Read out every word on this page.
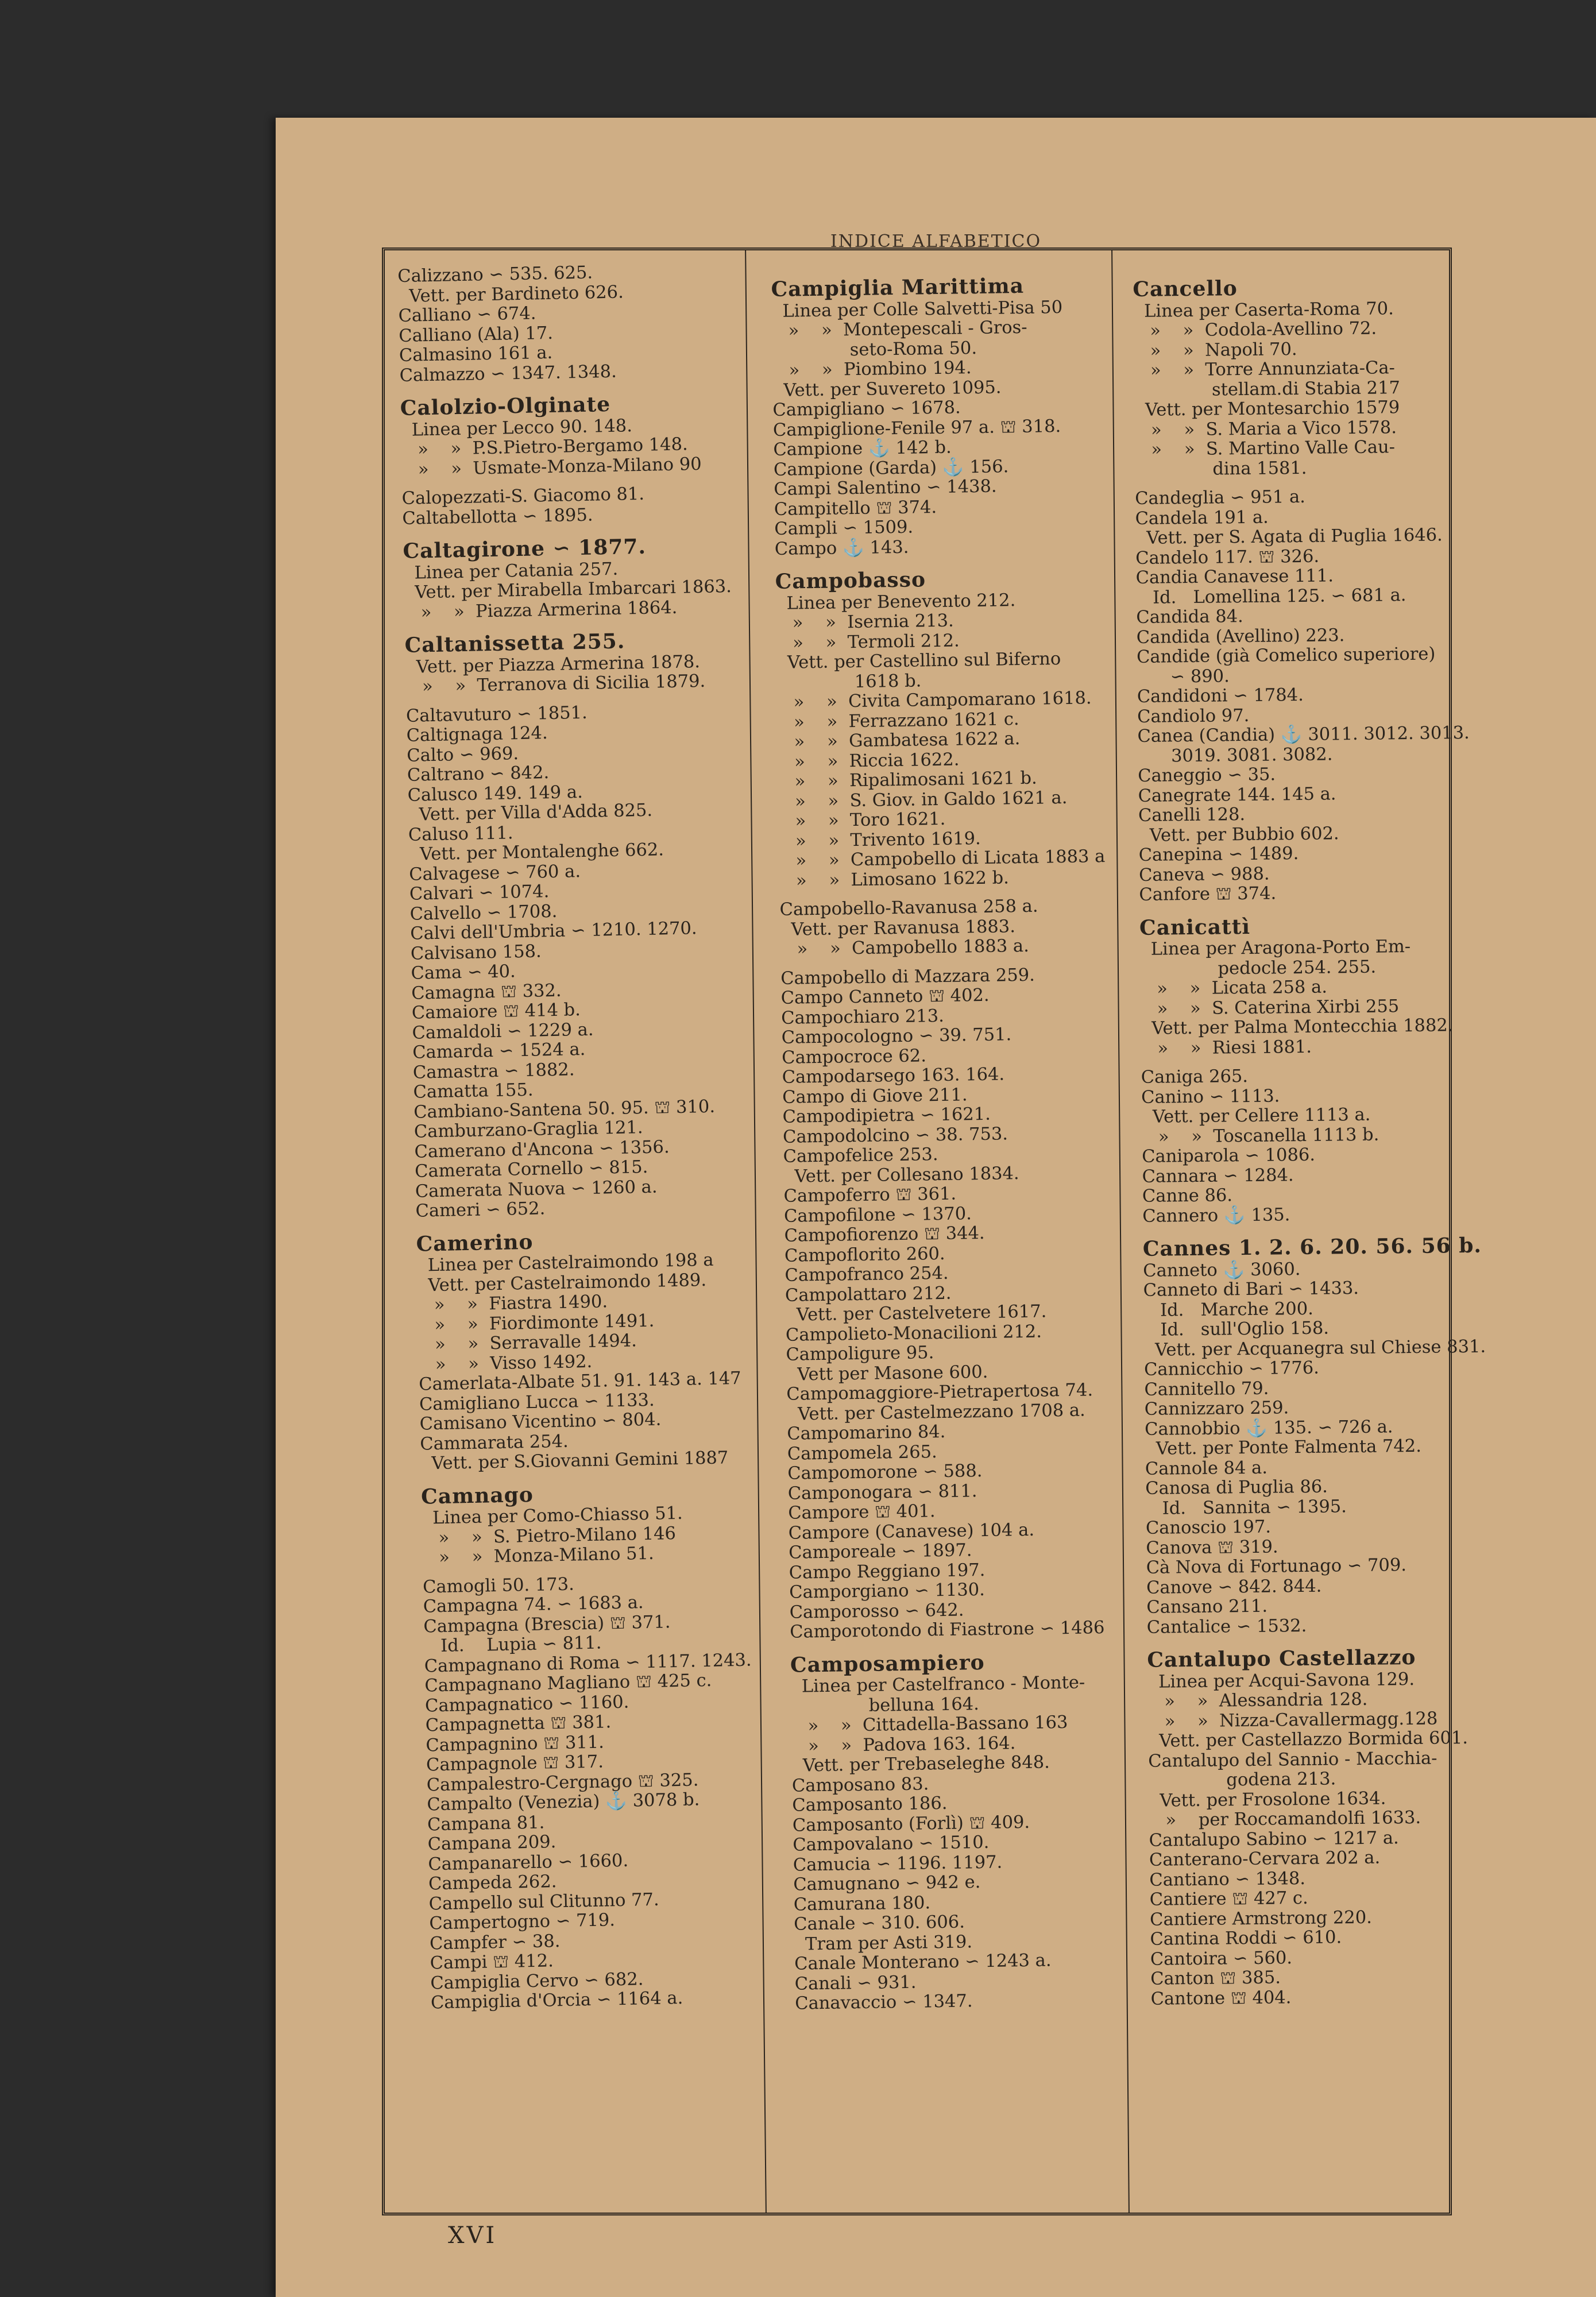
INDICE ALFABETICO
Calizzano ∽ 535. 625.
Vett. per Bardineto 626.
Calliano ∽ 674.
Calliano (Ala) 17.
Calmasino 161 a.
Calmazzo ∽ 1347. 1348.
Calolzio-Olginate
Linea per Lecco 90. 148.
»    »  P.S.Pietro-Bergamo 148.
»    »  Usmate-Monza-Milano 90
Calopezzati-S. Giacomo 81.
Caltabellotta ∽ 1895.
Caltagirone ∽ 1877.
Linea per Catania 257.
Vett. per Mirabella Imbarcari 1863.
»    »  Piazza Armerina 1864.
Caltanissetta 255.
Vett. per Piazza Armerina 1878.
»    »  Terranova di Sicilia 1879.
Caltavuturo ∽ 1851.
Caltignaga 124.
Calto ∽ 969.
Caltrano ∽ 842.
Calusco 149. 149 a.
Vett. per Villa d'Adda 825.
Caluso 111.
Vett. per Montalenghe 662.
Calvagese ∽ 760 a.
Calvari ∽ 1074.
Calvello ∽ 1708.
Calvi dell'Umbria ∽ 1210. 1270.
Calvisano 158.
Cama ∽ 40.
Camagna ⛫ 332.
Camaiore ⛫ 414 b.
Camaldoli ∽ 1229 a.
Camarda ∽ 1524 a.
Camastra ∽ 1882.
Camatta 155.
Cambiano-Santena 50. 95. ⛫ 310.
Camburzano-Graglia 121.
Camerano d'Ancona ∽ 1356.
Camerata Cornello ∽ 815.
Camerata Nuova ∽ 1260 a.
Cameri ∽ 652.
Camerino
Linea per Castelraimondo 198 a
Vett. per Castelraimondo 1489.
»    »  Fiastra 1490.
»    »  Fiordimonte 1491.
»    »  Serravalle 1494.
»    »  Visso 1492.
Camerlata-Albate 51. 91. 143 a. 147
Camigliano Lucca ∽ 1133.
Camisano Vicentino ∽ 804.
Cammarata 254.
Vett. per S.Giovanni Gemini 1887
Camnago
Linea per Como-Chiasso 51.
»    »  S. Pietro-Milano 146
»    »  Monza-Milano 51.
Camogli 50. 173.
Campagna 74. ∽ 1683 a.
Campagna (Brescia) ⛫ 371.
Id.    Lupia ∽ 811.
Campagnano di Roma ∽ 1117. 1243.
Campagnano Magliano ⛫ 425 c.
Campagnatico ∽ 1160.
Campagnetta ⛫ 381.
Campagnino ⛫ 311.
Campagnole ⛫ 317.
Campalestro-Cergnago ⛫ 325.
Campalto (Venezia) ⚓ 3078 b.
Campana 81.
Campana 209.
Campanarello ∽ 1660.
Campeda 262.
Campello sul Clitunno 77.
Campertogno ∽ 719.
Campfer ∽ 38.
Campi ⛫ 412.
Campiglia Cervo ∽ 682.
Campiglia d'Orcia ∽ 1164 a.
Campiglia Marittima
Linea per Colle Salvetti-Pisa 50
»    »  Montepescali - Gros-
seto-Roma 50.
»    »  Piombino 194.
Vett. per Suvereto 1095.
Campigliano ∽ 1678.
Campiglione-Fenile 97 a. ⛫ 318.
Campione ⚓ 142 b.
Campione (Garda) ⚓ 156.
Campi Salentino ∽ 1438.
Campitello ⛫ 374.
Campli ∽ 1509.
Campo ⚓ 143.
Campobasso
Linea per Benevento 212.
»    »  Isernia 213.
»    »  Termoli 212.
Vett. per Castellino sul Biferno
1618 b.
»    »  Civita Campomarano 1618.
»    »  Ferrazzano 1621 c.
»    »  Gambatesa 1622 a.
»    »  Riccia 1622.
»    »  Ripalimosani 1621 b.
»    »  S. Giov. in Galdo 1621 a.
»    »  Toro 1621.
»    »  Trivento 1619.
»    »  Campobello di Licata 1883 a
»    »  Limosano 1622 b.
Campobello-Ravanusa 258 a.
Vett. per Ravanusa 1883.
»    »  Campobello 1883 a.
Campobello di Mazzara 259.
Campo Canneto ⛫ 402.
Campochiaro 213.
Campocologno ∽ 39. 751.
Campocroce 62.
Campodarsego 163. 164.
Campo di Giove 211.
Campodipietra ∽ 1621.
Campodolcino ∽ 38. 753.
Campofelice 253.
Vett. per Collesano 1834.
Campoferro ⛫ 361.
Campofilone ∽ 1370.
Campofiorenzo ⛫ 344.
Campoflorito 260.
Campofranco 254.
Campolattaro 212.
Vett. per Castelvetere 1617.
Campolieto-Monacilioni 212.
Campoligure 95.
Vett per Masone 600.
Campomaggiore-Pietrapertosa 74.
Vett. per Castelmezzano 1708 a.
Campomarino 84.
Campomela 265.
Campomorone ∽ 588.
Camponogara ∽ 811.
Campore ⛫ 401.
Campore (Canavese) 104 a.
Camporeale ∽ 1897.
Campo Reggiano 197.
Camporgiano ∽ 1130.
Camporosso ∽ 642.
Camporotondo di Fiastrone ∽ 1486
Camposampiero
Linea per Castelfranco - Monte-
belluna 164.
»    »  Cittadella-Bassano 163
»    »  Padova 163. 164.
Vett. per Trebaseleghe 848.
Camposano 83.
Camposanto 186.
Camposanto (Forlì) ⛫ 409.
Campovalano ∽ 1510.
Camucia ∽ 1196. 1197.
Camugnano ∽ 942 e.
Camurana 180.
Canale ∽ 310. 606.
Tram per Asti 319.
Canale Monterano ∽ 1243 a.
Canali ∽ 931.
Canavaccio ∽ 1347.
Cancello
Linea per Caserta-Roma 70.
»    »  Codola-Avellino 72.
»    »  Napoli 70.
»    »  Torre Annunziata-Ca-
stellam.di Stabia 217
Vett. per Montesarchio 1579
»    »  S. Maria a Vico 1578.
»    »  S. Martino Valle Cau-
dina 1581.
Candeglia ∽ 951 a.
Candela 191 a.
Vett. per S. Agata di Puglia 1646.
Candelo 117. ⛫ 326.
Candia Canavese 111.
Id.   Lomellina 125. ∽ 681 a.
Candida 84.
Candida (Avellino) 223.
Candide (già Comelico superiore)
∽ 890.
Candidoni ∽ 1784.
Candiolo 97.
Canea (Candia) ⚓ 3011. 3012. 3013.
3019. 3081. 3082.
Caneggio ∽ 35.
Canegrate 144. 145 a.
Canelli 128.
Vett. per Bubbio 602.
Canepina ∽ 1489.
Caneva ∽ 988.
Canfore ⛫ 374.
Canicattì
Linea per Aragona-Porto Em-
pedocle 254. 255.
»    »  Licata 258 a.
»    »  S. Caterina Xirbi 255
Vett. per Palma Montecchia 1882.
»    »  Riesi 1881.
Caniga 265.
Canino ∽ 1113.
Vett. per Cellere 1113 a.
»    »  Toscanella 1113 b.
Caniparola ∽ 1086.
Cannara ∽ 1284.
Canne 86.
Cannero ⚓ 135.
Cannes 1. 2. 6. 20. 56. 56 b.
Canneto ⚓ 3060.
Canneto di Bari ∽ 1433.
Id.   Marche 200.
Id.   sull'Oglio 158.
Vett. per Acquanegra sul Chiese 831.
Cannicchio ∽ 1776.
Cannitello 79.
Cannizzaro 259.
Cannobbio ⚓ 135. ∽ 726 a.
Vett. per Ponte Falmenta 742.
Cannole 84 a.
Canosa di Puglia 86.
Id.   Sannita ∽ 1395.
Canoscio 197.
Canova ⛫ 319.
Cà Nova di Fortunago ∽ 709.
Canove ∽ 842. 844.
Cansano 211.
Cantalice ∽ 1532.
Cantalupo Castellazzo
Linea per Acqui-Savona 129.
»    »  Alessandria 128.
»    »  Nizza-Cavallermagg.128
Vett. per Castellazzo Bormida 601.
Cantalupo del Sannio - Macchia-
godena 213.
Vett. per Frosolone 1634.
»    per Roccamandolfi 1633.
Cantalupo Sabino ∽ 1217 a.
Canterano-Cervara 202 a.
Cantiano ∽ 1348.
Cantiere ⛫ 427 c.
Cantiere Armstrong 220.
Cantina Roddi ∽ 610.
Cantoira ∽ 560.
Canton ⛫ 385.
Cantone ⛫ 404.
XVI
